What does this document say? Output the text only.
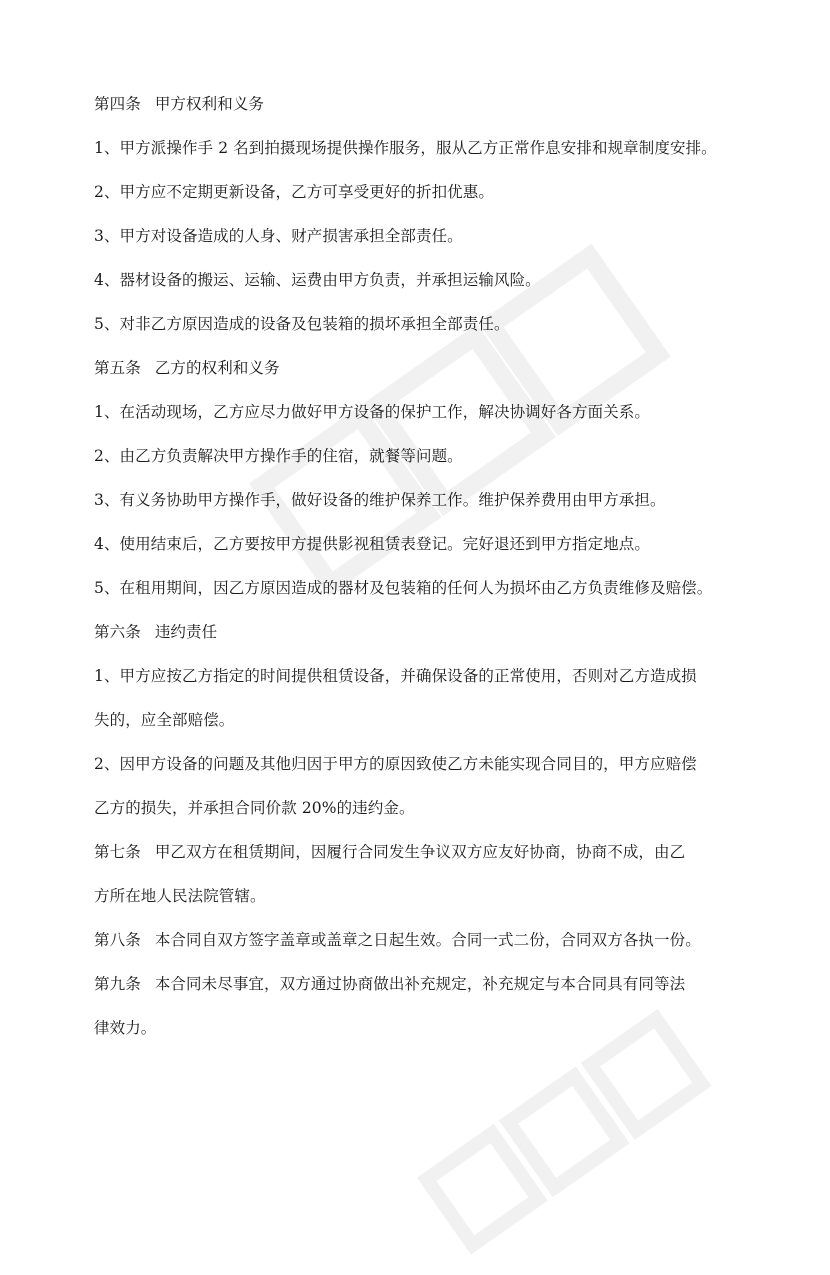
第四条 甲方权利和义务

1、甲方派操作手 2 名到拍摄现场提供操作服务，服从乙方正常作息安排和规章制度安排。

2、甲方应不定期更新设备，乙方可享受更好的折扣优惠。

3、甲方对设备造成的人身、财产损害承担全部责任。

4、器材设备的搬运、运输、运费由甲方负责，并承担运输风险。

5、对非乙方原因造成的设备及包装箱的损坏承担全部责任。

第五条 乙方的权利和义务

1、在活动现场，乙方应尽力做好甲方设备的保护工作，解决协调好各方面关系。

2、由乙方负责解决甲方操作手的住宿，就餐等问题。

3、有义务协助甲方操作手，做好设备的维护保养工作。维护保养费用由甲方承担。

4、使用结束后，乙方要按甲方提供影视租赁表登记。完好退还到甲方指定地点。

5、在租用期间，因乙方原因造成的器材及包装箱的任何人为损坏由乙方负责维修及赔偿。

第六条 违约责任

1、甲方应按乙方指定的时间提供租赁设备，并确保设备的正常使用，否则对乙方造成损

失的，应全部赔偿。

2、因甲方设备的问题及其他归因于甲方的原因致使乙方未能实现合同目的，甲方应赔偿

乙方的损失，并承担合同价款 20%的违约金。

第七条 甲乙双方在租赁期间，因履行合同发生争议双方应友好协商，协商不成，由乙

方所在地人民法院管辖。

第八条 本合同自双方签字盖章或盖章之日起生效。合同一式二份，合同双方各执一份。

第九条 本合同未尽事宜，双方通过协商做出补充规定，补充规定与本合同具有同等法

律效力。
